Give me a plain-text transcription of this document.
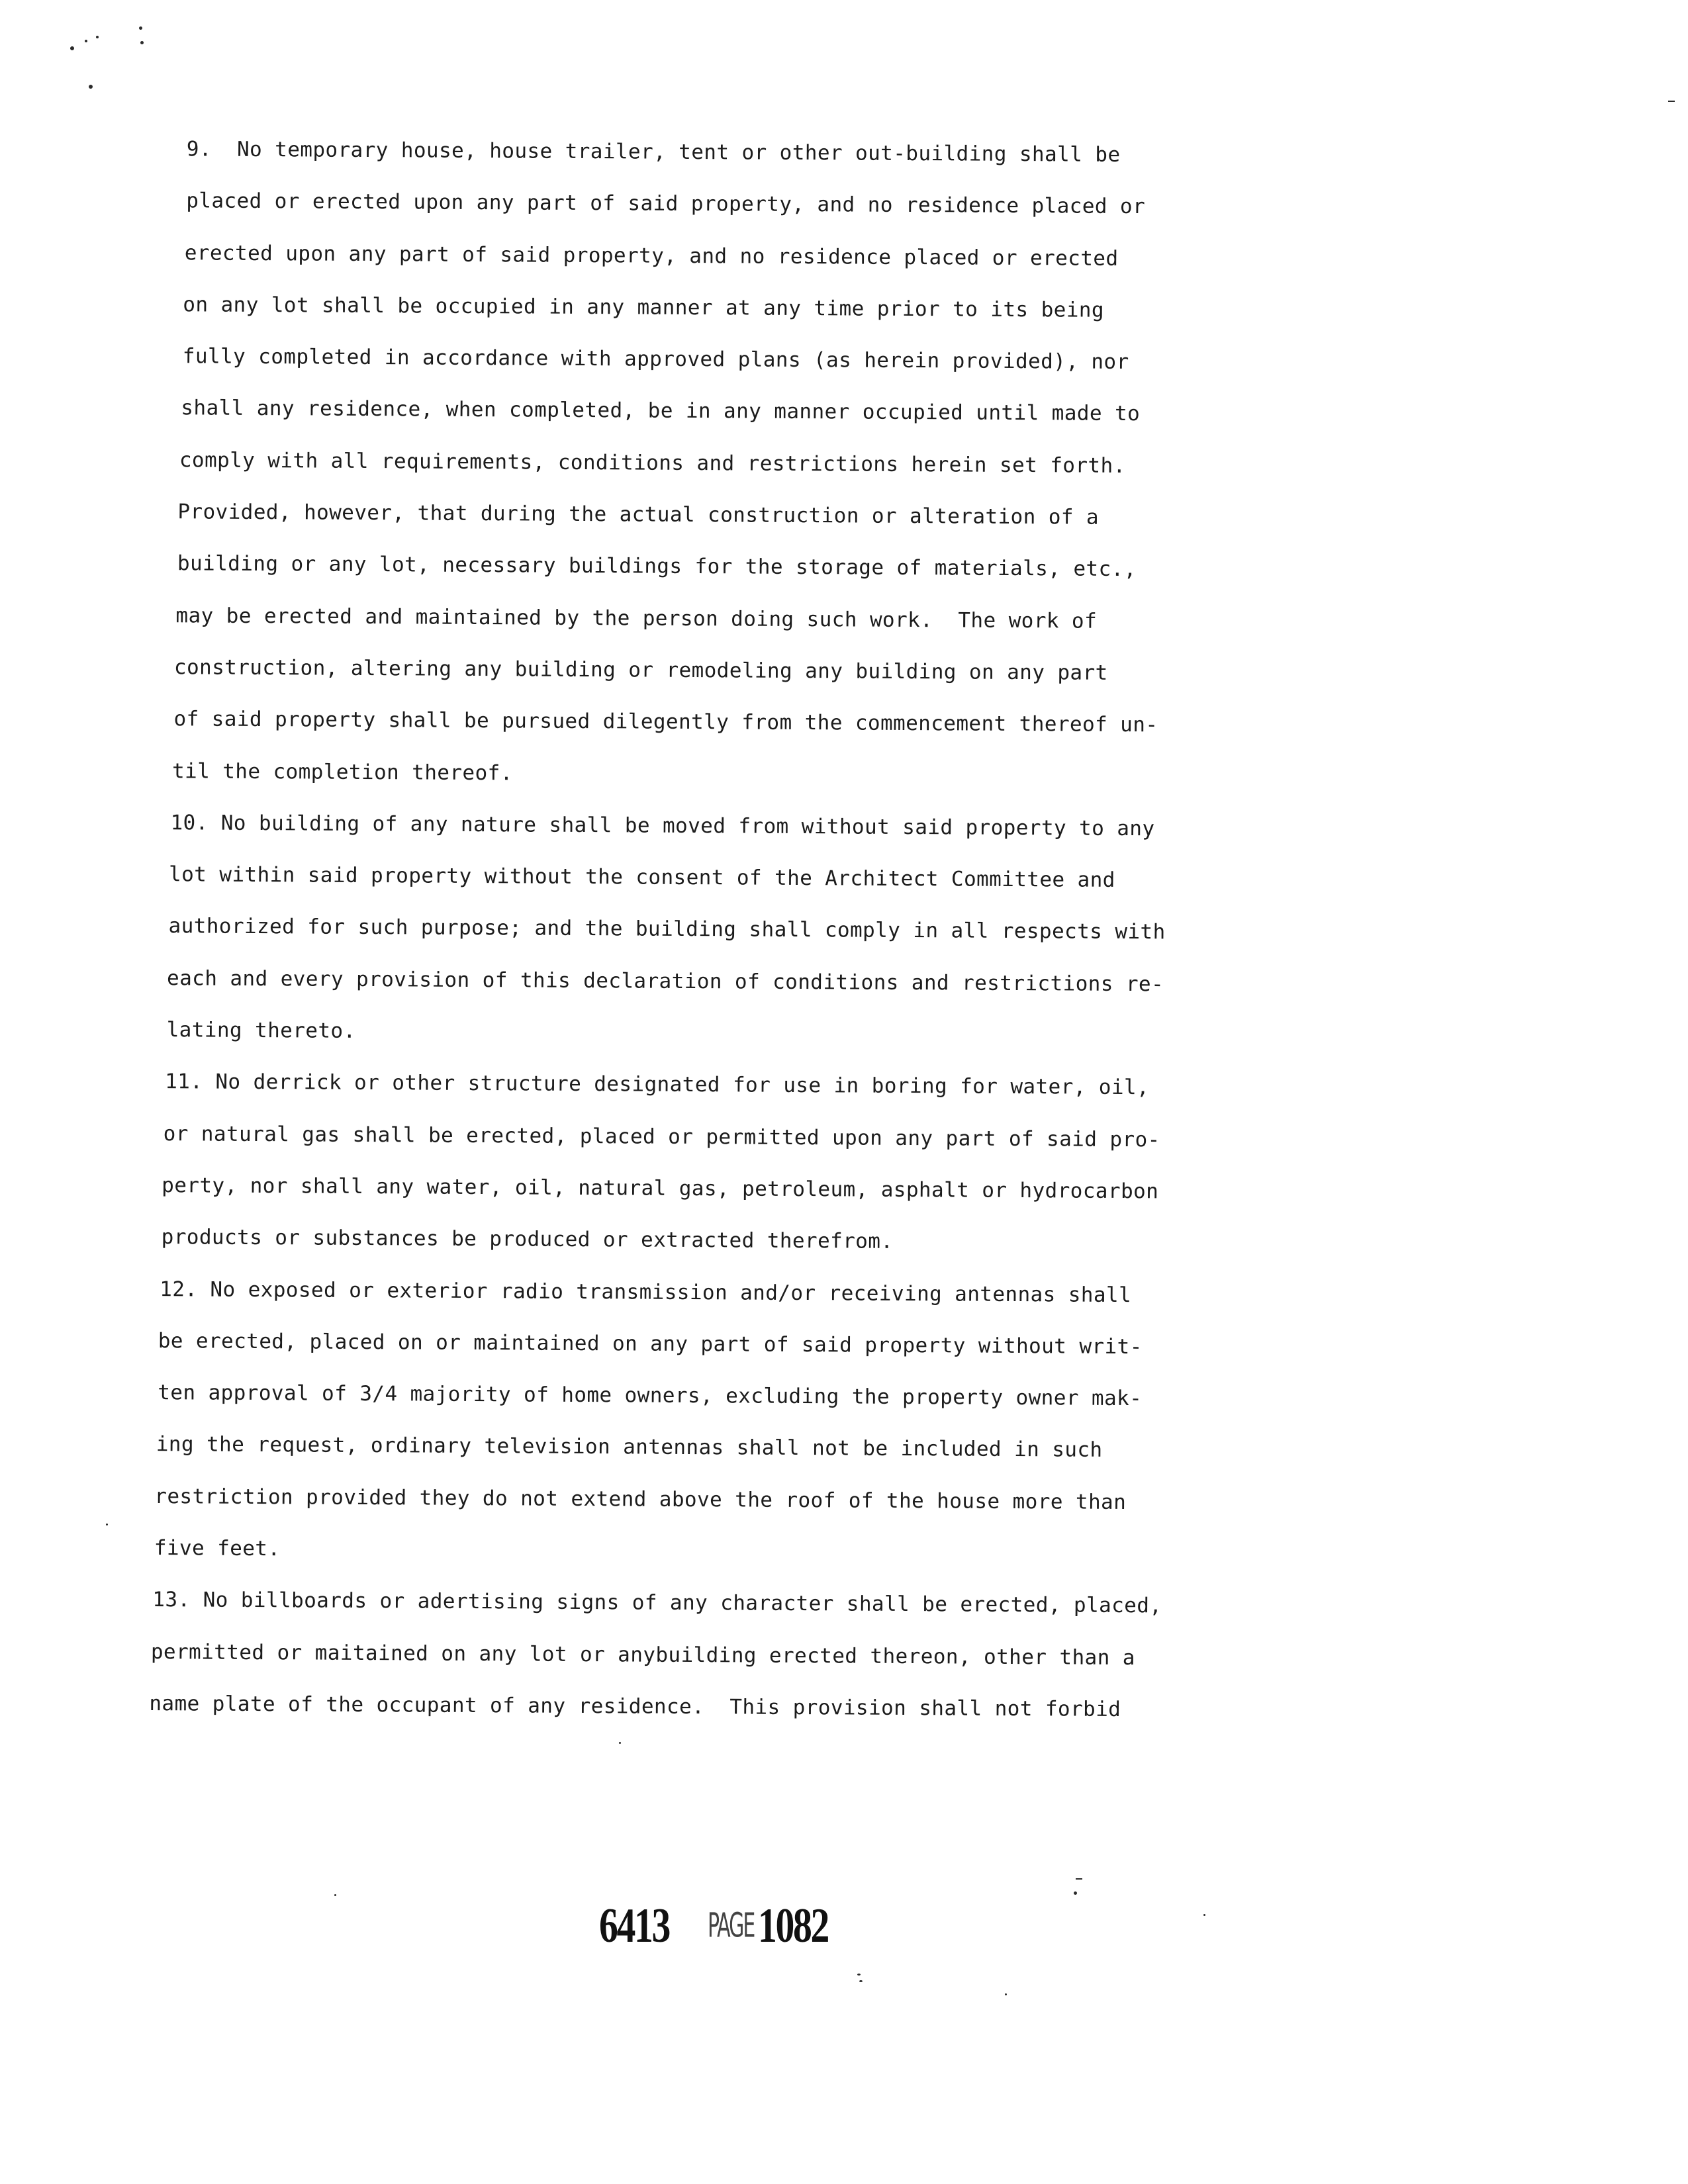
9.  No temporary house, house trailer, tent or other out-building shall be
placed or erected upon any part of said property, and no residence placed or
erected upon any part of said property, and no residence placed or erected
on any lot shall be occupied in any manner at any time prior to its being
fully completed in accordance with approved plans (as herein provided), nor
shall any residence, when completed, be in any manner occupied until made to
comply with all requirements, conditions and restrictions herein set forth.
Provided, however, that during the actual construction or alteration of a
building or any lot, necessary buildings for the storage of materials, etc.,
may be erected and maintained by the person doing such work.  The work of
construction, altering any building or remodeling any building on any part
of said property shall be pursued dilegently from the commencement thereof un-
til the completion thereof.
10. No building of any nature shall be moved from without said property to any
lot within said property without the consent of the Architect Committee and
authorized for such purpose; and the building shall comply in all respects with
each and every provision of this declaration of conditions and restrictions re-
lating thereto.
11. No derrick or other structure designated for use in boring for water, oil,
or natural gas shall be erected, placed or permitted upon any part of said pro-
perty, nor shall any water, oil, natural gas, petroleum, asphalt or hydrocarbon
products or substances be produced or extracted therefrom.
12. No exposed or exterior radio transmission and/or receiving antennas shall
be erected, placed on or maintained on any part of said property without writ-
ten approval of 3/4 majority of home owners, excluding the property owner mak-
ing the request, ordinary television antennas shall not be included in such
restriction provided they do not extend above the roof of the house more than
five feet.
13. No billboards or adertising signs of any character shall be erected, placed,
permitted or maitained on any lot or anybuilding erected thereon, other than a
name plate of the occupant of any residence.  This provision shall not forbid
6413	PAGE 1082
